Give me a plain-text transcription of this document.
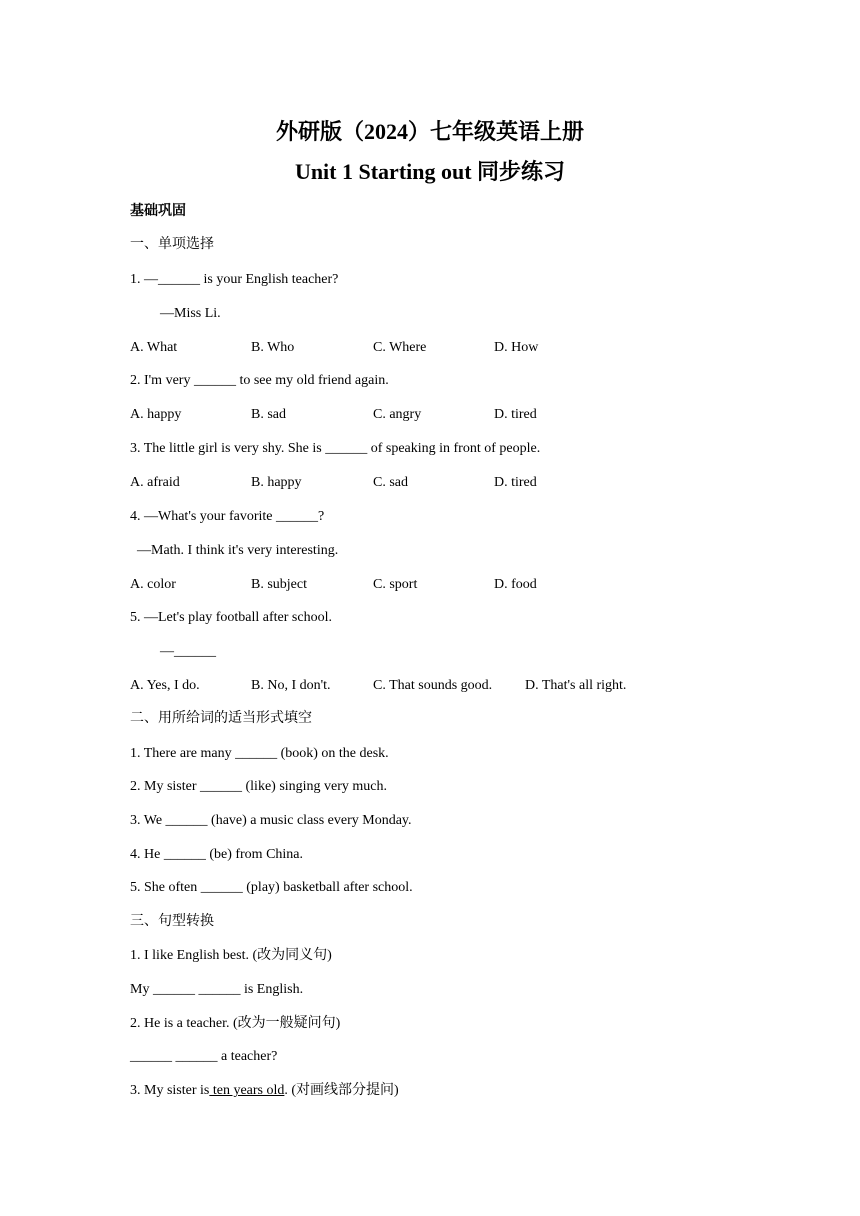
外研版（2024）七年级英语上册
Unit 1 Starting out 同步练习
基础巩固
一、单项选择
1. —______ is your English teacher?
—Miss Li.
A. What	B. Who	C. Where	D. How
2. I'm very ______ to see my old friend again.
A. happy	B. sad	C. angry	D. tired
3. The little girl is very shy. She is ______ of speaking in front of people.
A. afraid	B. happy	C. sad	D. tired
4. —What's your favorite ______?
—Math. I think it's very interesting.
A. color	B. subject	C. sport	D. food
5. —Let's play football after school.
—______
A. Yes, I do.	B. No, I don't.	C. That sounds good. D. That's all right.
二、用所给词的适当形式填空
1. There are many ______ (book) on the desk.
2. My sister ______ (like) singing very much.
3. We ______ (have) a music class every Monday.
4. He ______ (be) from China.
5. She often ______ (play) basketball after school.
三、句型转换
1. I like English best. (改为同义句)
My ______ ______ is English.
2. He is a teacher. (改为一般疑问句)
______ ______ a teacher?
3. My sister is ten years old. (对画线部分提问)
